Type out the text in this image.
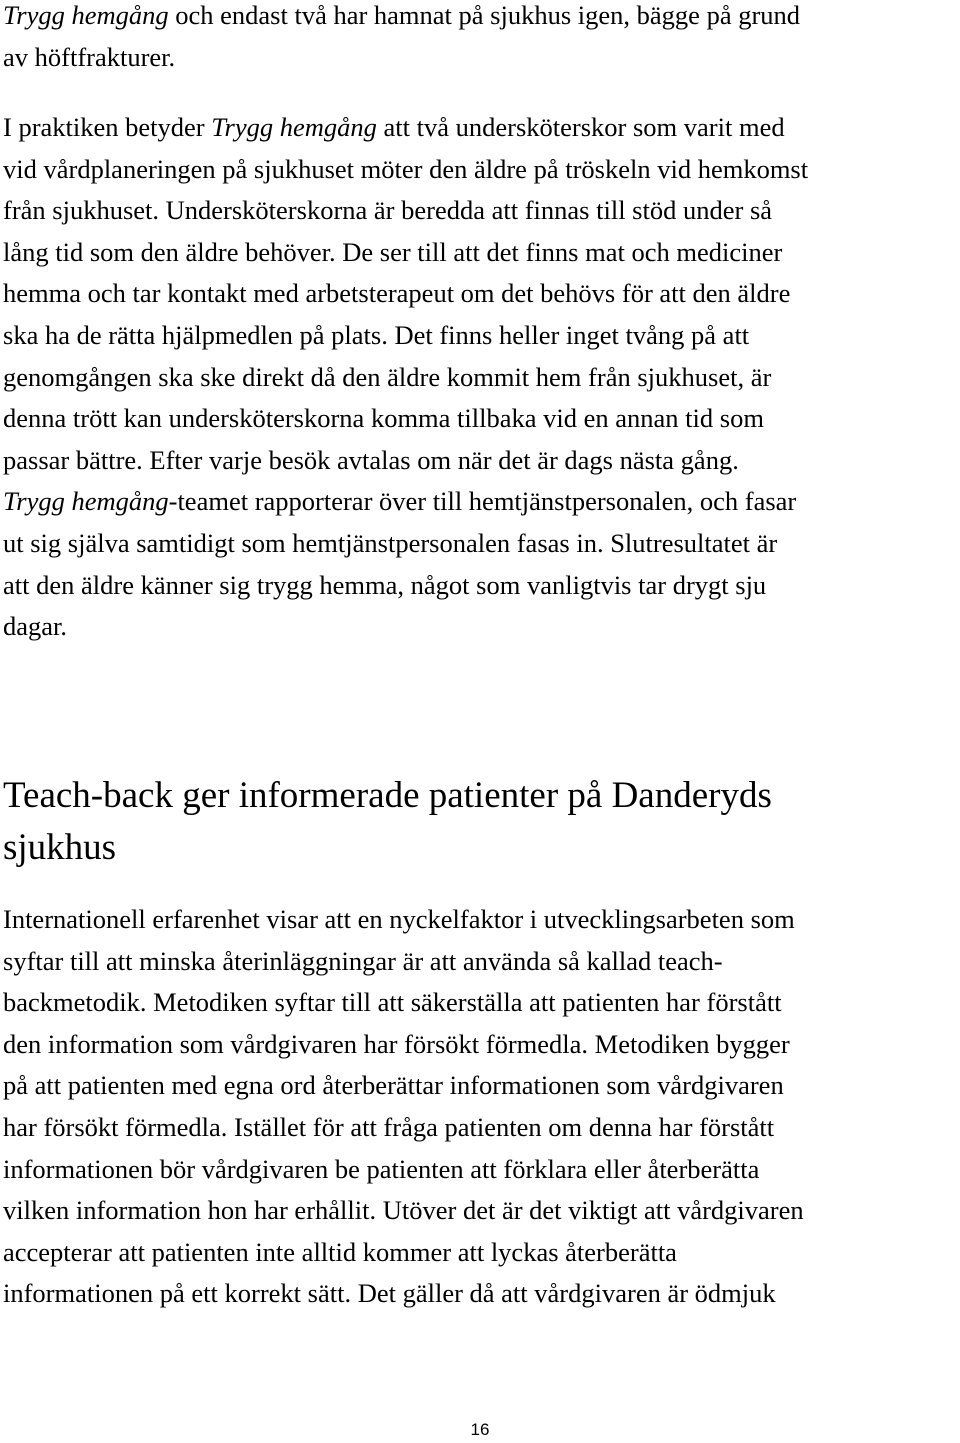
Trygg hemgång och endast två har hamnat på sjukhus igen, bägge på grund
av höftfrakturer.

I praktiken betyder Trygg hemgång att två undersköterskor som varit med
vid vårdplaneringen på sjukhuset möter den äldre på tröskeln vid hemkomst
från sjukhuset. Undersköterskorna är beredda att finnas till stöd under så
lång tid som den äldre behöver. De ser till att det finns mat och mediciner
hemma och tar kontakt med arbetsterapeut om det behövs för att den äldre
ska ha de rätta hjälpmedlen på plats. Det finns heller inget tvång på att
genomgången ska ske direkt då den äldre kommit hem från sjukhuset, är
denna trött kan undersköterskorna komma tillbaka vid en annan tid som
passar bättre. Efter varje besök avtalas om när det är dags nästa gång.
Trygg hemgång-teamet rapporterar över till hemtjänstpersonalen, och fasar
ut sig själva samtidigt som hemtjänstpersonalen fasas in. Slutresultatet är
att den äldre känner sig trygg hemma, något som vanligtvis tar drygt sju
dagar.

Teach-back ger informerade patienter på Danderyds
sjukhus

Internationell erfarenhet visar att en nyckelfaktor i utvecklingsarbeten som
syftar till att minska återinläggningar är att använda så kallad teach-
backmetodik. Metodiken syftar till att säkerställa att patienten har förstått
den information som vårdgivaren har försökt förmedla. Metodiken bygger
på att patienten med egna ord återberättar informationen som vårdgivaren
har försökt förmedla. Istället för att fråga patienten om denna har förstått
informationen bör vårdgivaren be patienten att förklara eller återberätta
vilken information hon har erhållit. Utöver det är det viktigt att vårdgivaren
accepterar att patienten inte alltid kommer att lyckas återberätta
informationen på ett korrekt sätt. Det gäller då att vårdgivaren är ödmjuk

16
